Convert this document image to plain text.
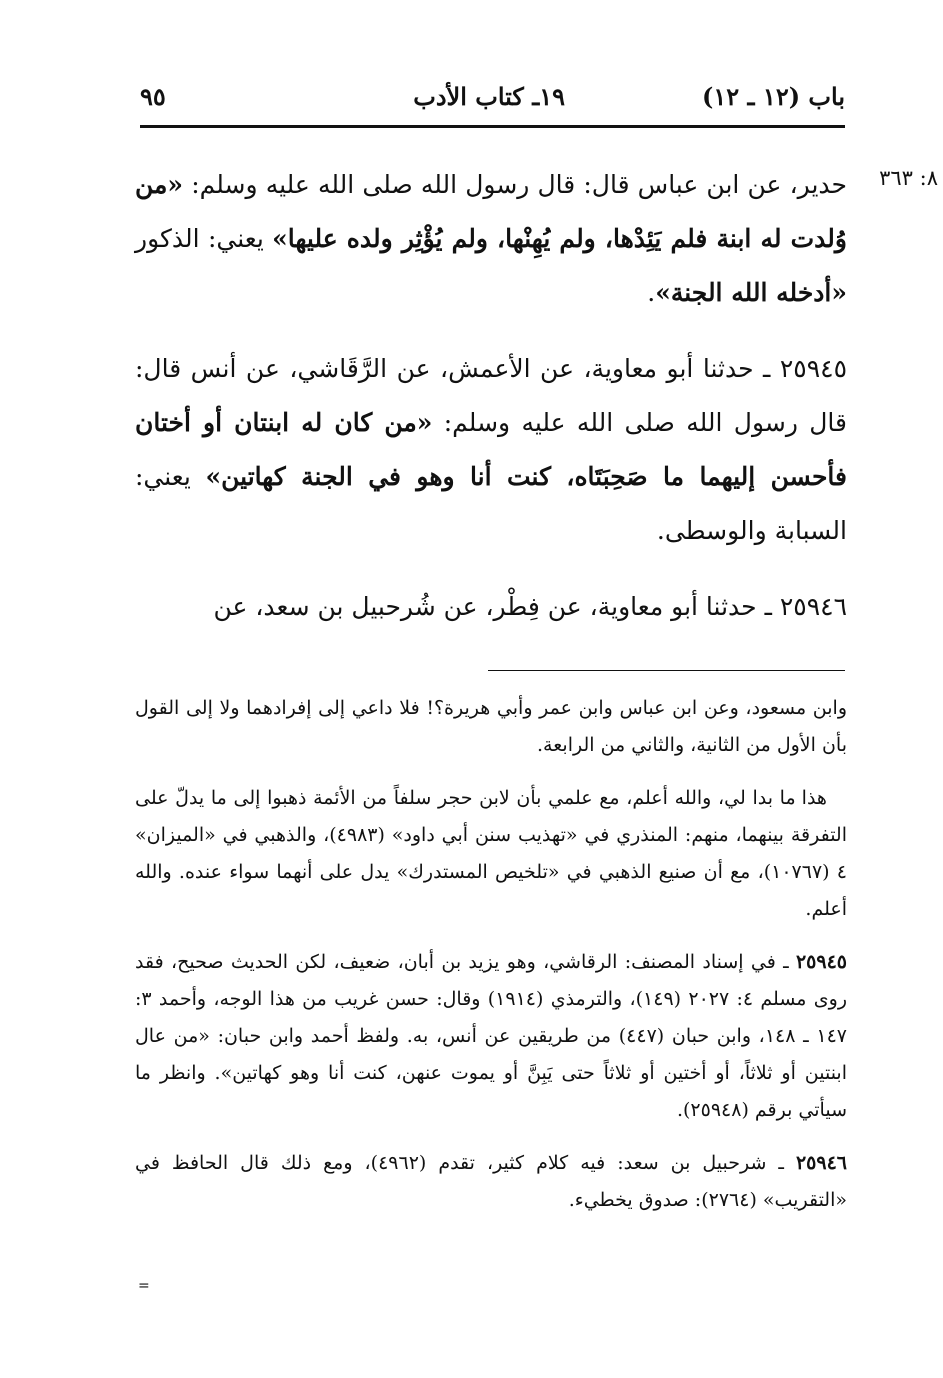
باب (١٢ ـ ١٢)
١٩ـ كتاب الأدب
٩٥
٨: ٣٦٣

حدير، عن ابن عباس قال: قال رسول الله صلى الله عليه وسلم: «من وُلدت له ابنة فلم يَئِدْها، ولم يُهِنْها، ولم يُؤْثِر ولده عليها» يعني: الذكور «أدخله الله الجنة».

٢٥٩٤٥ ـ حدثنا أبو معاوية، عن الأعمش، عن الرَّقَاشي، عن أنس قال: قال رسول الله صلى الله عليه وسلم: «من كان له ابنتان أو أختان فأحسن إليهما ما صَحِبَتَاه، كنت أنا وهو في الجنة كهاتين» يعني: السبابة والوسطى.

٢٥٩٤٦ ـ حدثنا أبو معاوية، عن فِطْر، عن شُرحبيل بن سعد، عن

وابن مسعود، وعن ابن عباس وابن عمر وأبي هريرة؟! فلا داعي إلى إفرادهما ولا إلى القول بأن الأول من الثانية، والثاني من الرابعة.

هذا ما بدا لي، والله أعلم، مع علمي بأن لابن حجر سلفاً من الأئمة ذهبوا إلى ما يدلّ على التفرقة بينهما، منهم: المنذري في «تهذيب سنن أبي داود» (٤٩٨٣)، والذهبي في «الميزان» ٤ (١٠٧٦٧)، مع أن صنيع الذهبي في «تلخيص المستدرك» يدل على أنهما سواء عنده. والله أعلم.

٢٥٩٤٥ ـ في إسناد المصنف: الرقاشي، وهو يزيد بن أبان، ضعيف، لكن الحديث صحيح، فقد روى مسلم ٤: ٢٠٢٧ (١٤٩)، والترمذي (١٩١٤) وقال: حسن غريب من هذا الوجه، وأحمد ٣: ١٤٧ ـ ١٤٨، وابن حبان (٤٤٧) من طريقين عن أنس، به. ولفظ أحمد وابن حبان: «من عال ابنتين أو ثلاثاً، أو أختين أو ثلاثاً حتى يَبِنَّ أو يموت عنهن، كنت أنا وهو كهاتين». وانظر ما سيأتي برقم (٢٥٩٤٨).

٢٥٩٤٦ ـ شرحبيل بن سعد: فيه كلام كثير، تقدم (٤٩٦٢)، ومع ذلك قال الحافظ في «التقريب» (٢٧٦٤): صدوق يخطيء.

=
